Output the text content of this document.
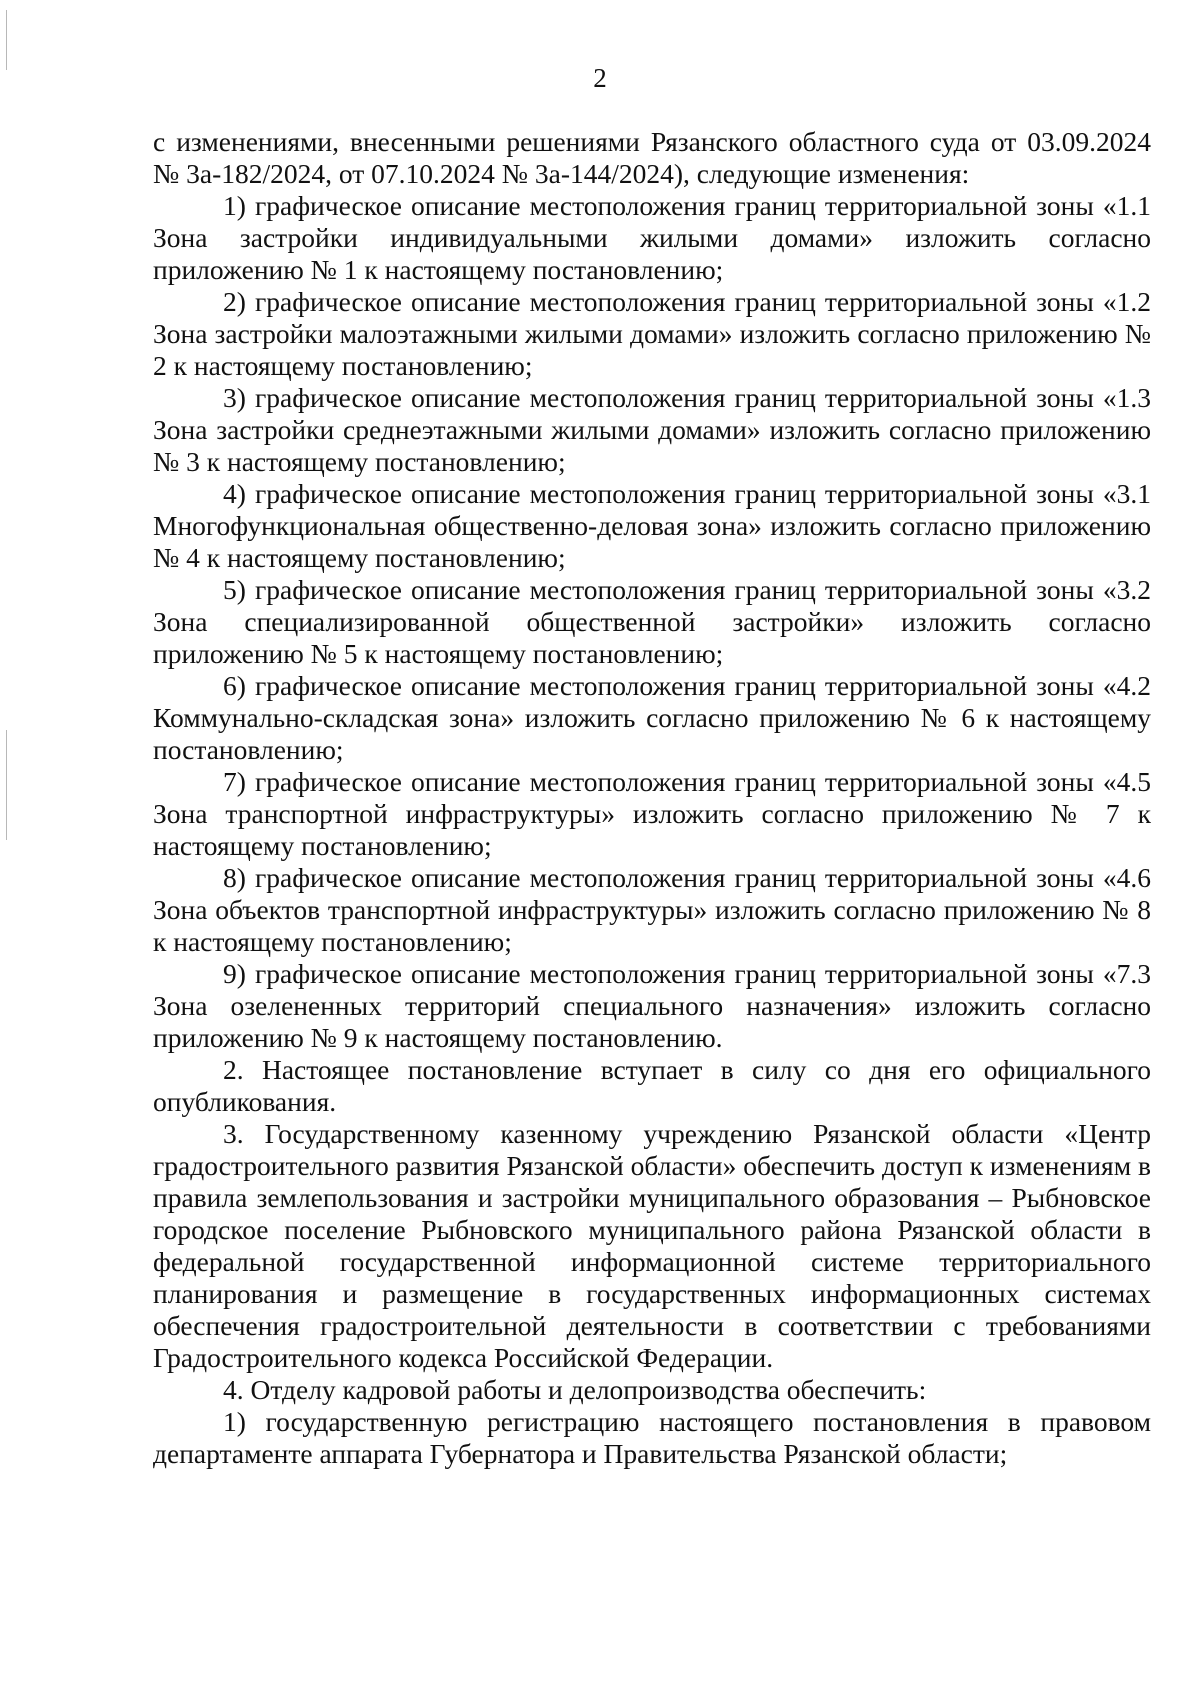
2

с изменениями, внесенными решениями Рязанского областного суда от 03.09.2024 № 3а-182/2024, от 07.10.2024 № 3а-144/2024), следующие изменения:

1) графическое описание местоположения границ территориальной зоны «1.1 Зона застройки индивидуальными жилыми домами» изложить согласно приложению № 1 к настоящему постановлению;

2) графическое описание местоположения границ территориальной зоны «1.2 Зона застройки малоэтажными жилыми домами» изложить согласно приложению № 2 к настоящему постановлению;

3) графическое описание местоположения границ территориальной зоны «1.3 Зона застройки среднеэтажными жилыми домами» изложить согласно приложению № 3 к настоящему постановлению;

4) графическое описание местоположения границ территориальной зоны «3.1 Многофункциональная общественно-деловая зона» изложить согласно приложению № 4 к настоящему постановлению;

5) графическое описание местоположения границ территориальной зоны «3.2 Зона специализированной общественной застройки» изложить согласно приложению № 5 к настоящему постановлению;

6) графическое описание местоположения границ территориальной зоны «4.2 Коммунально-складская зона» изложить согласно приложению № 6 к настоящему постановлению;

7) графическое описание местоположения границ территориальной зоны «4.5 Зона транспортной инфраструктуры» изложить согласно приложению № 7 к настоящему постановлению;

8) графическое описание местоположения границ территориальной зоны «4.6 Зона объектов транспортной инфраструктуры» изложить согласно приложению № 8 к настоящему постановлению;

9) графическое описание местоположения границ территориальной зоны «7.3 Зона озелененных территорий специального назначения» изложить согласно приложению № 9 к настоящему постановлению.

2. Настоящее постановление вступает в силу со дня его официального опубликования.

3. Государственному казенному учреждению Рязанской области «Центр градостроительного развития Рязанской области» обеспечить доступ к изменениям в правила землепользования и застройки муниципального образования – Рыбновское городское поселение Рыбновского муниципального района Рязанской области в федеральной государственной информационной системе территориального планирования и размещение в государственных информационных системах обеспечения градостроительной деятельности в соответствии с требованиями Градостроительного кодекса Российской Федерации.

4. Отделу кадровой работы и делопроизводства обеспечить:

1) государственную регистрацию настоящего постановления в правовом департаменте аппарата Губернатора и Правительства Рязанской области;
